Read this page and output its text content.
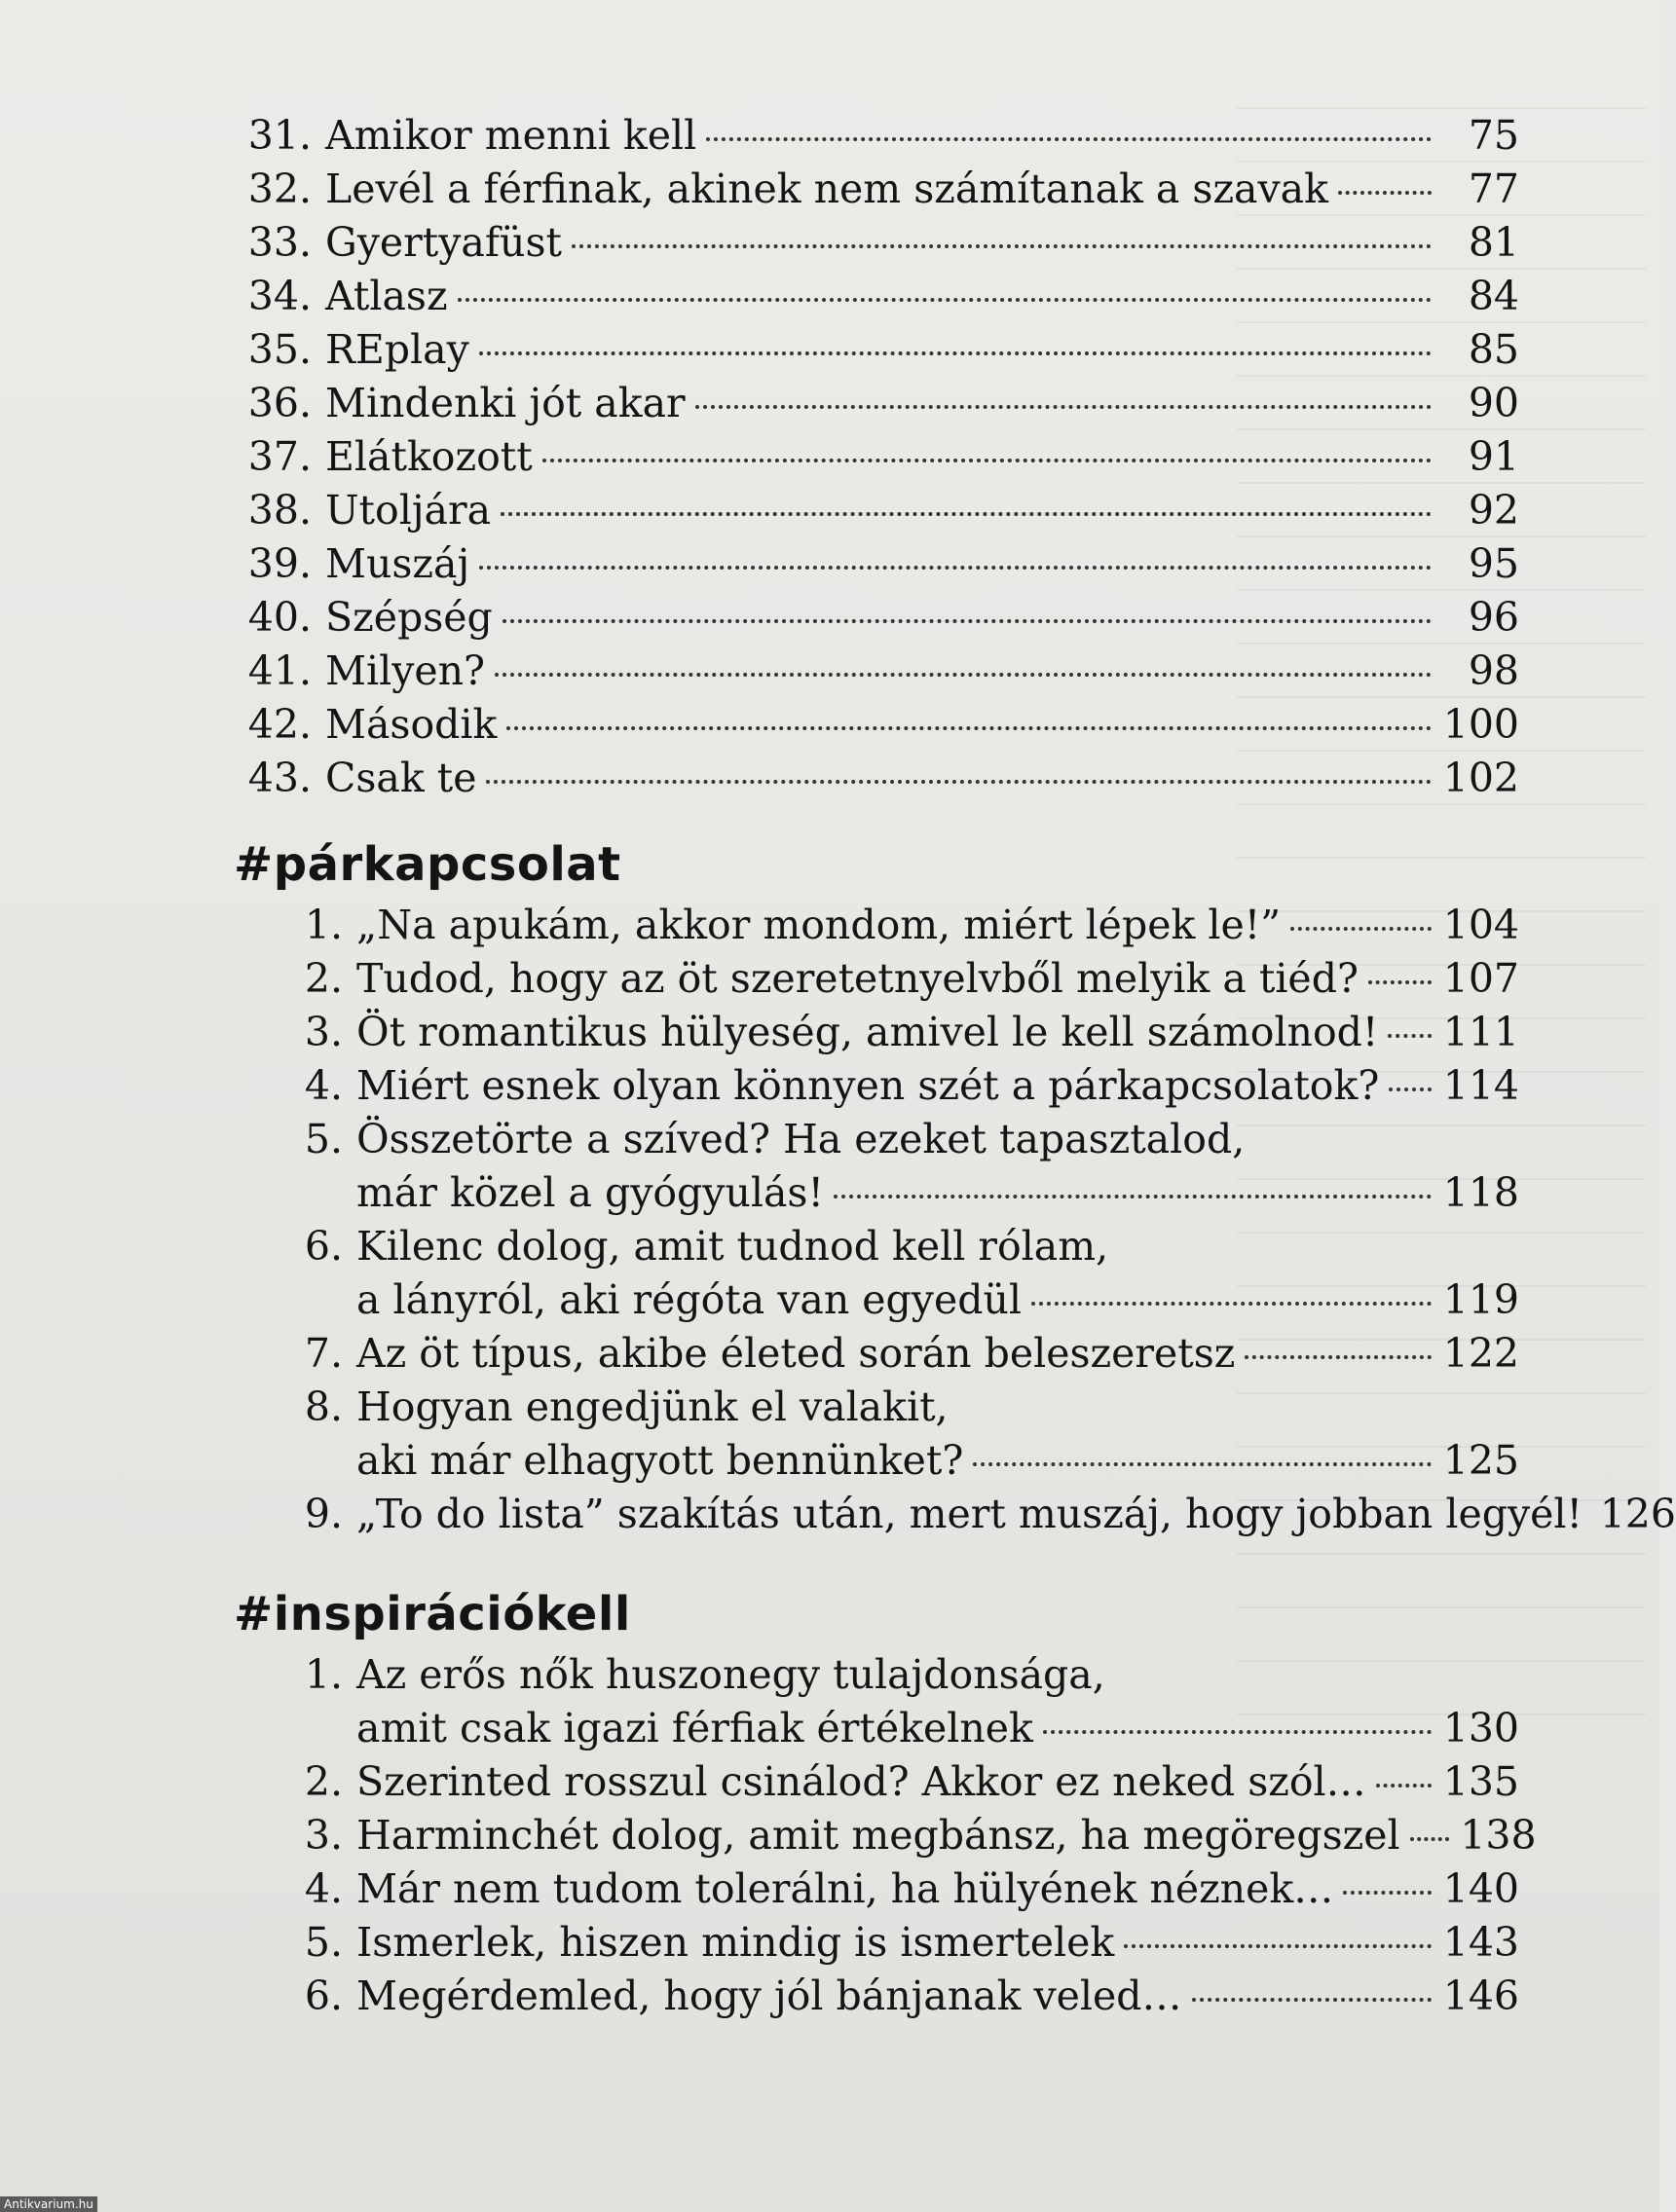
31. Amikor menni kell	75
32. Levél a férfinak, akinek nem számítanak a szavak	77
33. Gyertyafüst	81
34. Atlasz	84
35. REplay	85
36. Mindenki jót akar	90
37. Elátkozott	91
38. Utoljára	92
39. Muszáj	95
40. Szépség	96
41. Milyen?	98
42. Második	100
43. Csak te	102
#párkapcsolat
1. „Na apukám, akkor mondom, miért lépek le!”	104
2. Tudod, hogy az öt szeretetnyelvből melyik a tiéd? 107
3. Öt romantikus hülyeség, amivel le kell számolnod! 111
4. Miért esnek olyan könnyen szét a párkapcsolatok? 114
5. Összetörte a szíved? Ha ezeket tapasztalod,
már közel a gyógyulás!	118
6. Kilenc dolog, amit tudnod kell rólam,
a lányról, aki régóta van egyedül	119
7. Az öt típus, akibe életed során beleszeretsz	122
8. Hogyan engedjünk el valakit,
aki már elhagyott bennünket?	125
9. „To do lista” szakítás után, mert muszáj, hogy jobban legyél! 126
#inspirációkell
1. Az erős nők huszonegy tulajdonsága,
amit csak igazi férfiak értékelnek	130
2. Szerinted rosszul csinálod? Akkor ez neked szól… 135
3. Harminchét dolog, amit megbánsz, ha megöregszel 138
4. Már nem tudom tolerálni, ha hülyének néznek…	140
5. Ismerlek, hiszen mindig is ismertelek	143
6. Megérdemled, hogy jól bánjanak veled…	146
Antikvarium.hu
